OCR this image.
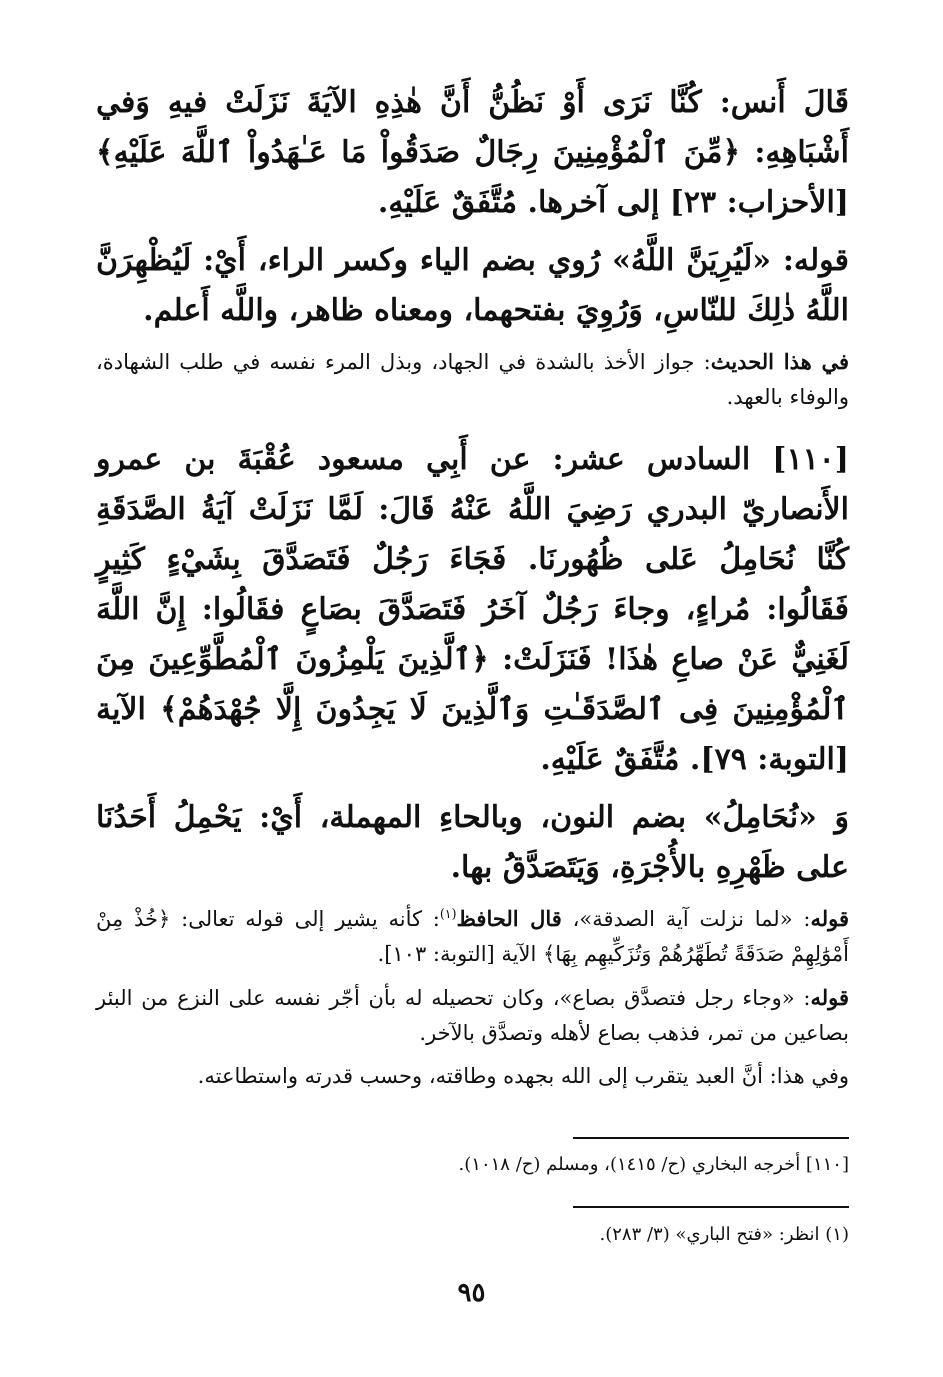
قَالَ أَنس: كُنَّا نَرَى أَوْ نَظُنُّ أَنَّ هٰذِهِ الآيَةَ نَزَلَتْ فيهِ وَفي أَشْبَاهِهِ: ﴿مِّنَ ٱلْمُؤْمِنِينَ رِجَالٌ صَدَقُواْ مَا عَـٰهَدُواْ ٱللَّهَ عَلَيْهِ﴾ [الأحزاب: ٢٣] إلى آخرها. مُتَّفَقٌ عَلَيْهِ.

قوله: «لَيُرِيَنَّ اللَّهُ» رُوي بضم الياء وكسر الراء، أَيْ: لَيُظْهِرَنَّ اللَّهُ ذٰلِكَ للنّاسِ، وَرُوِيَ بفتحهما، ومعناه ظاهر، واللَّه أَعلم.

في هذا الحديث: جواز الأخذ بالشدة في الجهاد، وبذل المرء نفسه في طلب الشهادة، والوفاء بالعهد.

[١١٠] السادس عشر: عن أَبِي مسعود عُقْبَةَ بن عمرو الأَنصاريّ البدري رَضِيَ اللَّهُ عَنْهُ قَالَ: لَمَّا نَزَلَتْ آيَةُ الصَّدَقَةِ كُنَّا نُحَامِلُ عَلى ظُهُورنَا. فَجَاءَ رَجُلٌ فَتَصَدَّقَ بِشَيْءٍ كَثِيرٍ فَقَالُوا: مُراءٍ، وجاءَ رَجُلٌ آخَرُ فَتَصَدَّقَ بصَاعٍ فقَالُوا: إِنَّ اللَّهَ لَغَنِيٌّ عَنْ صاعِ هٰذَا! فَنَزَلَتْ: ﴿ٱلَّذِينَ يَلْمِزُونَ ٱلْمُطَّوِّعِينَ مِنَ ٱلْمُؤْمِنِينَ فِى ٱلصَّدَقَـٰتِ وَٱلَّذِينَ لَا يَجِدُونَ إِلَّا جُهْدَهُمْ﴾ الآية [التوبة: ٧٩]. مُتَّفَقٌ عَلَيْهِ.

وَ «نُحَامِلُ» بضم النون، وبالحاءِ المهملة، أَيْ: يَحْمِلُ أَحَدُنَا على ظَهْرِهِ بالأُجْرَةِ، وَيَتَصَدَّقُ بها.

قوله: «لما نزلت آية الصدقة»، قال الحافظ$^{(١)}$: كأنه يشير إلى قوله تعالى: ﴿خُذْ مِنْ أَمْوَٰلِهِمْ صَدَقَةً تُطَهِّرُهُمْ وَتُزَكِّيهِم بِهَا﴾ الآية [التوبة: ١٠٣].

قوله: «وجاء رجل فتصدَّق بصاع»، وكان تحصيله له بأن أجّر نفسه على النزع من البئر بصاعين من تمر، فذهب بصاع لأهله وتصدَّق بالآخر.

وفي هذا: أنَّ العبد يتقرب إلى الله بجهده وطاقته، وحسب قدرته واستطاعته.

[١١٠] أخرجه البخاري (ح/ ١٤١٥)، ومسلم (ح/ ١٠١٨).

(١) انظر: «فتح الباري» (٣/ ٢٨٣).

٩٥
